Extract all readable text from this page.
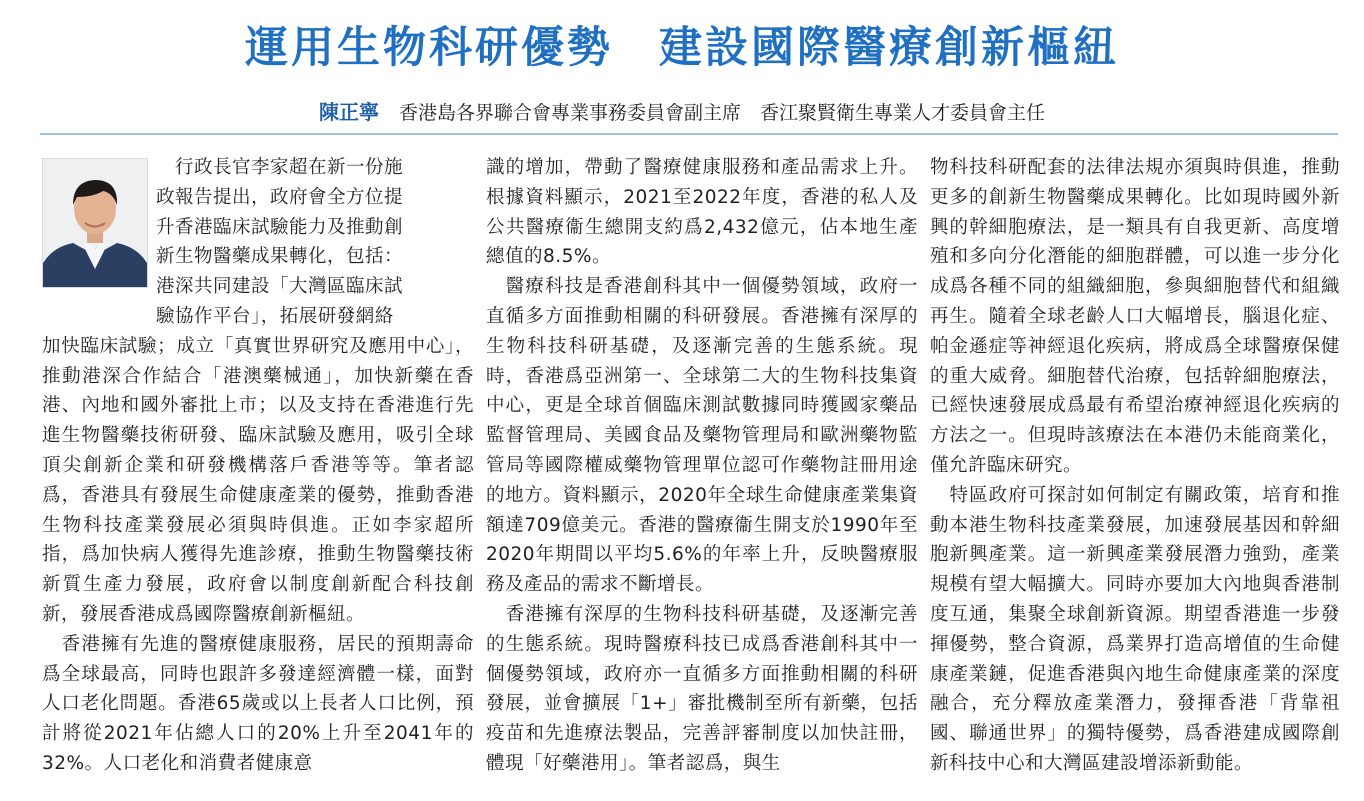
運用生物科研優勢　建設國際醫療創新樞紐
陳正寧 香港島各界聯合會專業事務委員會副主席　香江聚賢衛生專業人才委員會主任

　行政長官李家超在新一份施

政報告提出，政府會全方位提

升香港臨床試驗能力及推動創

新生物醫藥成果轉化，包括：

港深共同建設「大灣區臨床試

驗協作平台」，拓展研發網絡

加快臨床試驗；成立「真實世界研究及應用中心」，推動港深合作結合「港澳藥械通」，加快新藥在香港、內地和國外審批上市；以及支持在香港進行先進生物醫藥技術研發、臨床試驗及應用，吸引全球頂尖創新企業和研發機構落戶香港等等。筆者認爲，香港具有發展生命健康產業的優勢，推動香港生物科技產業發展必須與時俱進。正如李家超所指，爲加快病人獲得先進診療，推動生物醫藥技術新質生產力發展，政府會以制度創新配合科技創新，發展香港成爲國際醫療創新樞紐。

　香港擁有先進的醫療健康服務，居民的預期壽命爲全球最高，同時也跟許多發達經濟體一樣，面對人口老化問題。香港65歲或以上長者人口比例，預計將從2021年佔總人口的20%上升至2041年的32%。人口老化和消費者健康意

識的增加，帶動了醫療健康服務和產品需求上升。根據資料顯示，2021至2022年度，香港的私人及公共醫療衞生總開支約爲2,432億元，佔本地生產總值的8.5%。

　醫療科技是香港創科其中一個優勢領域，政府一直循多方面推動相關的科研發展。香港擁有深厚的生物科技科研基礎，及逐漸完善的生態系統。現時，香港爲亞洲第一、全球第二大的生物科技集資中心，更是全球首個臨床測試數據同時獲國家藥品監督管理局、美國食品及藥物管理局和歐洲藥物監管局等國際權威藥物管理單位認可作藥物註冊用途的地方。資料顯示，2020年全球生命健康產業集資額達709億美元。香港的醫療衞生開支於1990年至2020年期間以平均5.6%的年率上升，反映醫療服務及產品的需求不斷增長。

　香港擁有深厚的生物科技科研基礎，及逐漸完善的生態系統。現時醫療科技已成爲香港創科其中一個優勢領域，政府亦一直循多方面推動相關的科研發展，並會擴展「1+」審批機制至所有新藥，包括疫苗和先進療法製品，完善評審制度以加快註冊，體現「好藥港用」。筆者認爲，與生

物科技科研配套的法律法規亦須與時俱進，推動更多的創新生物醫藥成果轉化。比如現時國外新興的幹細胞療法，是一類具有自我更新、高度增殖和多向分化潛能的細胞群體，可以進一步分化成爲各種不同的組織細胞，參與細胞替代和組織再生。隨着全球老齡人口大幅增長，腦退化症、帕金遜症等神經退化疾病，將成爲全球醫療保健的重大威脅。細胞替代治療，包括幹細胞療法，已經快速發展成爲最有希望治療神經退化疾病的方法之一。但現時該療法在本港仍未能商業化，僅允許臨床研究。

　特區政府可探討如何制定有關政策，培育和推動本港生物科技產業發展，加速發展基因和幹細胞新興產業。這一新興產業發展潛力強勁，產業規模有望大幅擴大。同時亦要加大內地與香港制度互通，集聚全球創新資源。期望香港進一步發揮優勢，整合資源，爲業界打造高增值的生命健康產業鏈，促進香港與內地生命健康產業的深度融合，充分釋放產業潛力，發揮香港「背靠祖國、聯通世界」的獨特優勢，爲香港建成國際創新科技中心和大灣區建設增添新動能。
